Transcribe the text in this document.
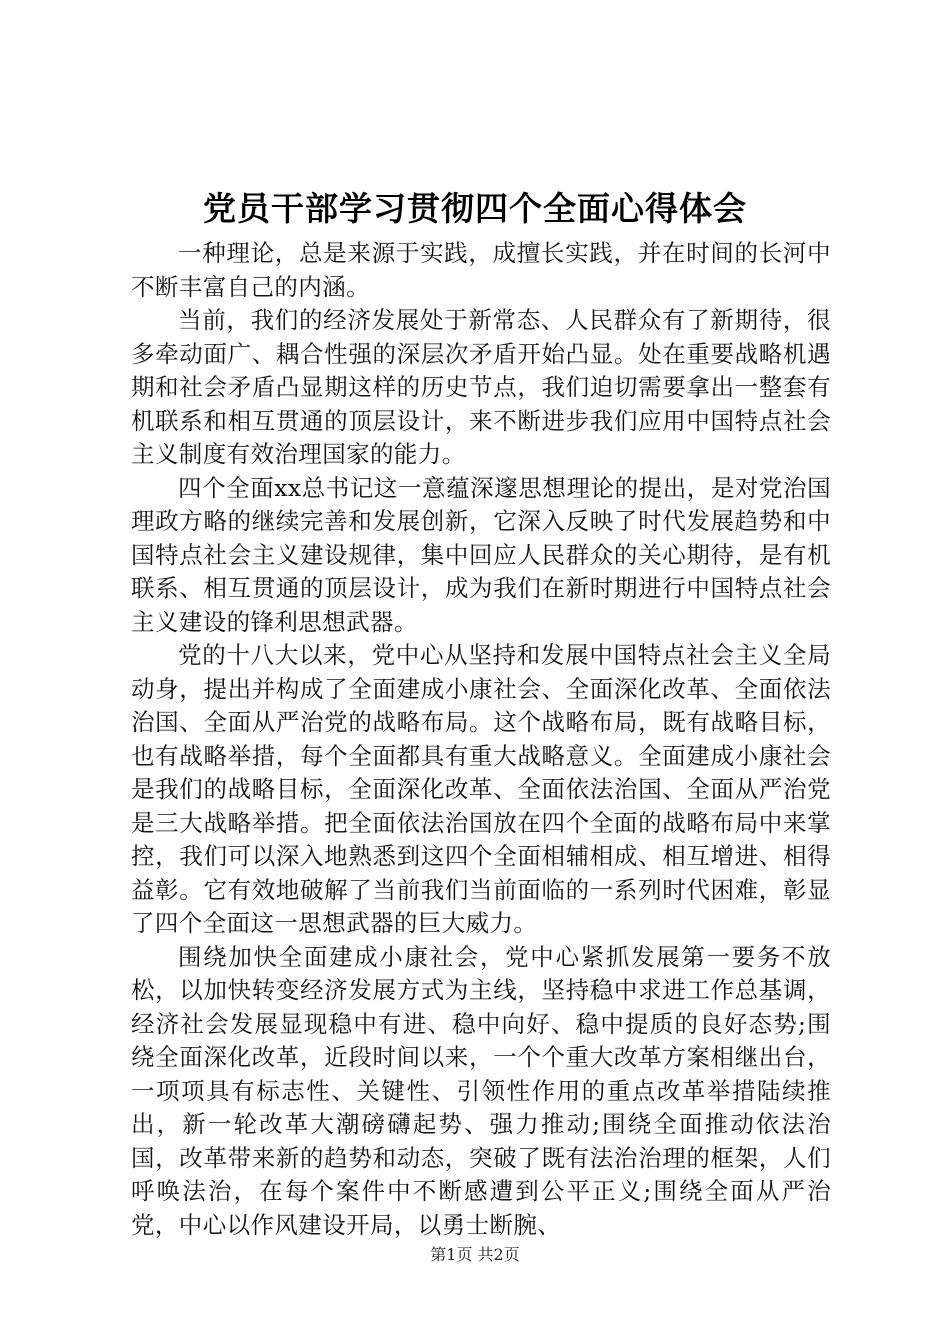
党员干部学习贯彻四个全面心得体会

一种理论，总是来源于实践，成擅长实践，并在时间的长河中不断丰富自己的内涵。

当前，我们的经济发展处于新常态、人民群众有了新期待，很多牵动面广、耦合性强的深层次矛盾开始凸显。处在重要战略机遇期和社会矛盾凸显期这样的历史节点，我们迫切需要拿出一整套有机联系和相互贯通的顶层设计，来不断进步我们应用中国特点社会主义制度有效治理国家的能力。

四个全面xx总书记这一意蕴深邃思想理论的提出，是对党治国理政方略的继续完善和发展创新，它深入反映了时代发展趋势和中国特点社会主义建设规律，集中回应人民群众的关心期待，是有机联系、相互贯通的顶层设计，成为我们在新时期进行中国特点社会主义建设的锋利思想武器。

党的十八大以来，党中心从坚持和发展中国特点社会主义全局动身，提出并构成了全面建成小康社会、全面深化改革、全面依法治国、全面从严治党的战略布局。这个战略布局，既有战略目标，也有战略举措，每个全面都具有重大战略意义。全面建成小康社会是我们的战略目标，全面深化改革、全面依法治国、全面从严治党是三大战略举措。把全面依法治国放在四个全面的战略布局中来掌控，我们可以深入地熟悉到这四个全面相辅相成、相互增进、相得益彰。它有效地破解了当前我们当前面临的一系列时代困难，彰显了四个全面这一思想武器的巨大威力。

围绕加快全面建成小康社会，党中心紧抓发展第一要务不放松，以加快转变经济发展方式为主线，坚持稳中求进工作总基调，经济社会发展显现稳中有进、稳中向好、稳中提质的良好态势;围绕全面深化改革，近段时间以来，一个个重大改革方案相继出台，一项项具有标志性、关键性、引领性作用的重点改革举措陆续推出，新一轮改革大潮磅礴起势、强力推动;围绕全面推动依法治国，改革带来新的趋势和动态，突破了既有法治治理的框架，人们呼唤法治，在每个案件中不断感遭到公平正义;围绕全面从严治党，中心以作风建设开局，以勇士断腕、

第1页 共2页
